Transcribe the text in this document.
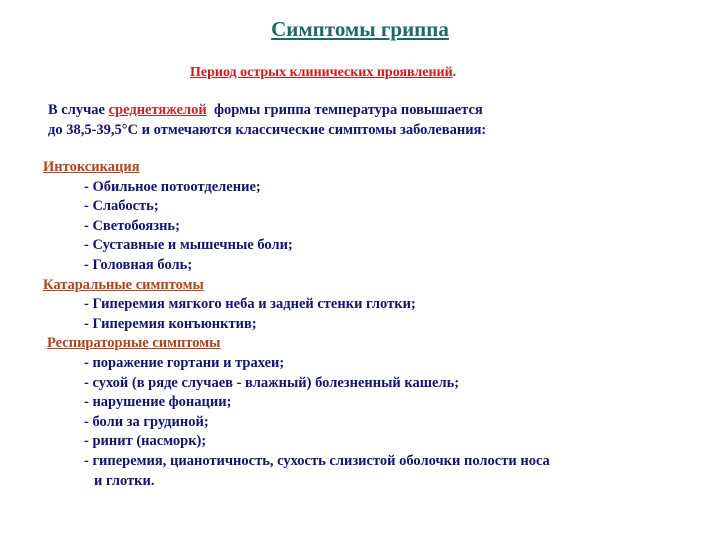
Симптомы гриппа
Период острых клинических проявлений.
В случае среднетяжелой  формы гриппа температура повышается
до 38,5-39,5°С и отмечаются классические симптомы заболевания:
Интоксикация
- Обильное потоотделение;
- Слабость;
- Светобоязнь;
- Суставные и мышечные боли;
- Головная боль;
Катаральные симптомы
- Гиперемия мягкого неба и задней стенки глотки;
- Гиперемия конъюнктив;
Респираторные симптомы
- поражение гортани и трахеи;
- сухой (в ряде случаев - влажный) болезненный кашель;
- нарушение фонации;
- боли за грудиной;
- ринит (насморк);
- гиперемия, цианотичность, сухость слизистой оболочки полости носа
и глотки.
